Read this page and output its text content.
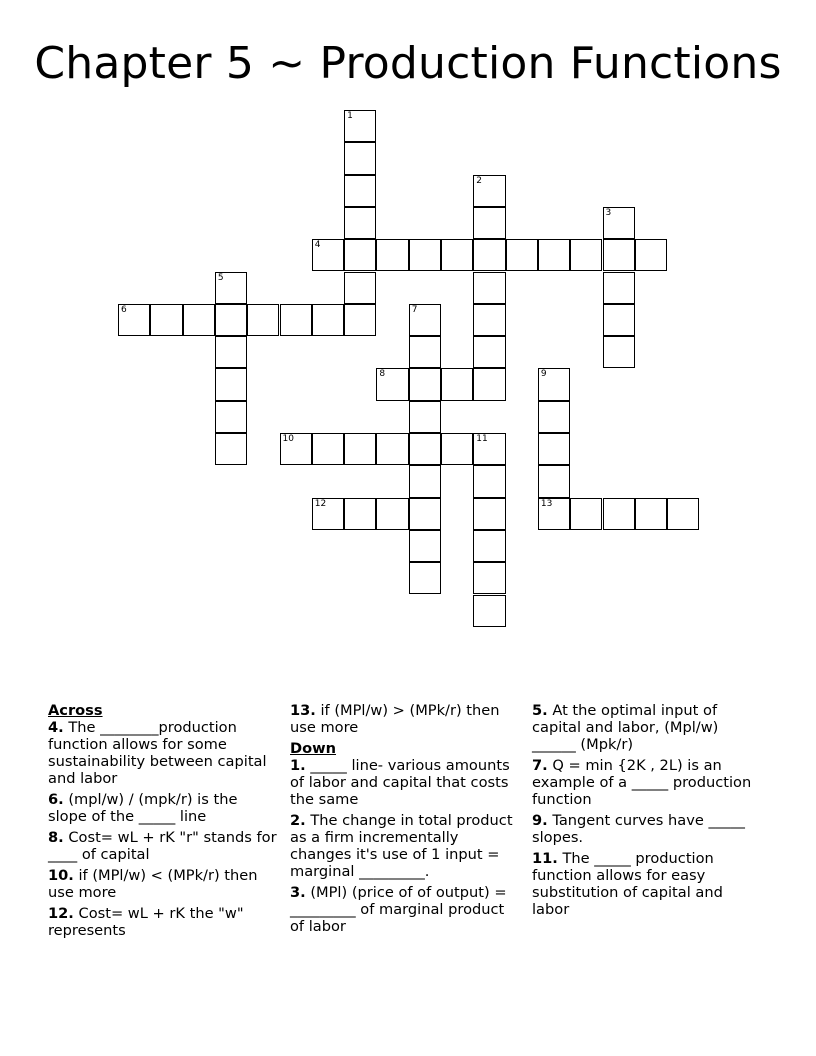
Chapter 5 ~ Production Functions
1
2
3
4
5
6	7
8	9
13
10	11
12
Across
4. The ________production function allows for some sustainability between capital and labor
6. (mpl/w) / (mpk/r) is the slope of the _____ line
8. Cost= wL + rK "r" stands for ____ of capital
10. if (MPl/w) < (MPk/r) then use more
12. Cost= wL + rK the "w" represents
13. if (MPl/w) > (MPk/r) then use more
Down
1. _____ line- various amounts of labor and capital that costs the same
2. The change in total product as a firm incrementally changes it's use of 1 input = marginal _________.
3. (MPl) (price of of output) = _________ of marginal product of labor
5. At the optimal input of capital and labor, (Mpl/w) ______ (Mpk/r)
7. Q = min {2K , 2L) is an example of a _____ production function
9. Tangent curves have _____ slopes.
11. The _____ production function allows for easy substitution of capital and labor
